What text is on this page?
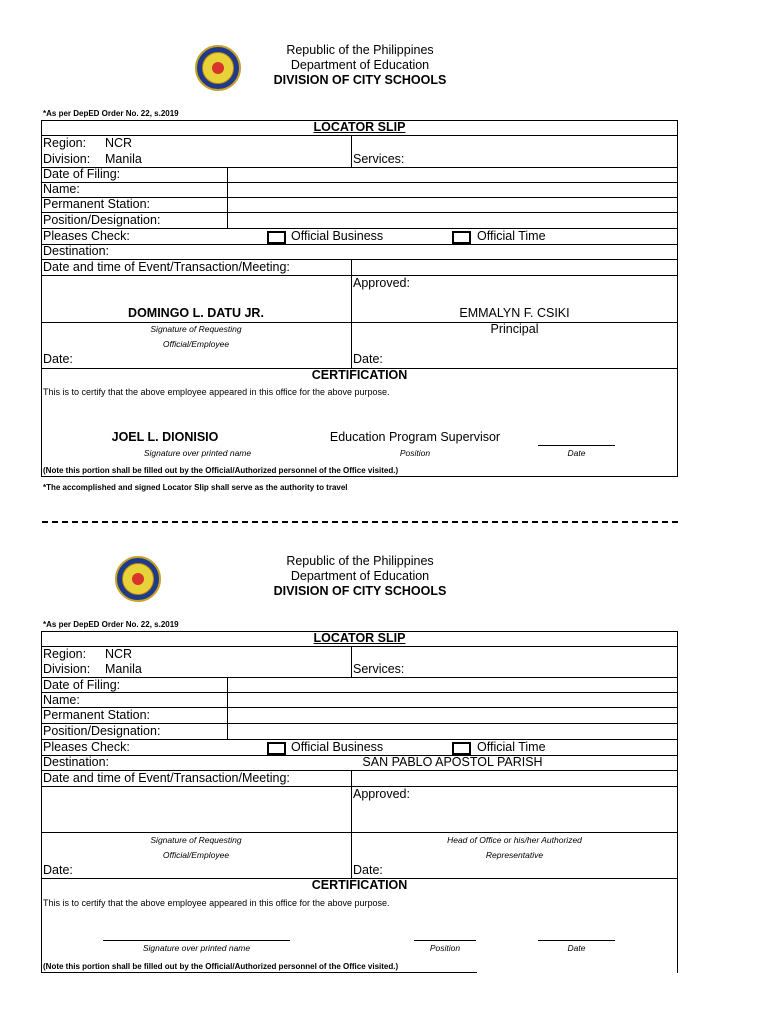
Republic of the Philippines
Department of Education
DIVISION OF CITY SCHOOLS
*As per DepED Order No. 22, s.2019
LOCATOR SLIP
Region: NCR
Division: Manila	Services:
Date of Filing:
Name:
Permanent Station:
Position/Designation:
Pleases Check:	Official Business	Official Time
Destination:
Date and time of Event/Transaction/Meeting:
Approved:
DOMINGO L. DATU JR.	EMMALYN F. CSIKI
Signature of Requesting
Official/Employee
Principal
Date:	Date:
CERTIFICATION
This is to certify that the above employee appeared in this office for the above purpose.
JOEL L. DIONISIO	Education Program Supervisor
Signature over printed name	Position	Date
(Note this portion shall be filled out by the Official/Authorized personnel of the Office visited.)
*The accomplished and signed Locator Slip shall serve as the authority to travel
Republic of the Philippines
Department of Education
DIVISION OF CITY SCHOOLS
*As per DepED Order No. 22, s.2019
LOCATOR SLIP
Region: NCR
Division: Manila	Services:
Date of Filing:
Name:
Permanent Station:
Position/Designation:
Pleases Check:	Official Business	Official Time
Destination:	SAN PABLO APOSTOL PARISH
Date and time of Event/Transaction/Meeting:
Approved:
Signature of Requesting
Official/Employee
Head of Office or his/her Authorized
Representative
Date:	Date:
CERTIFICATION
This is to certify that the above employee appeared in this office for the above purpose.
Signature over printed name	Position	Date
(Note this portion shall be filled out by the Official/Authorized personnel of the Office visited.)
